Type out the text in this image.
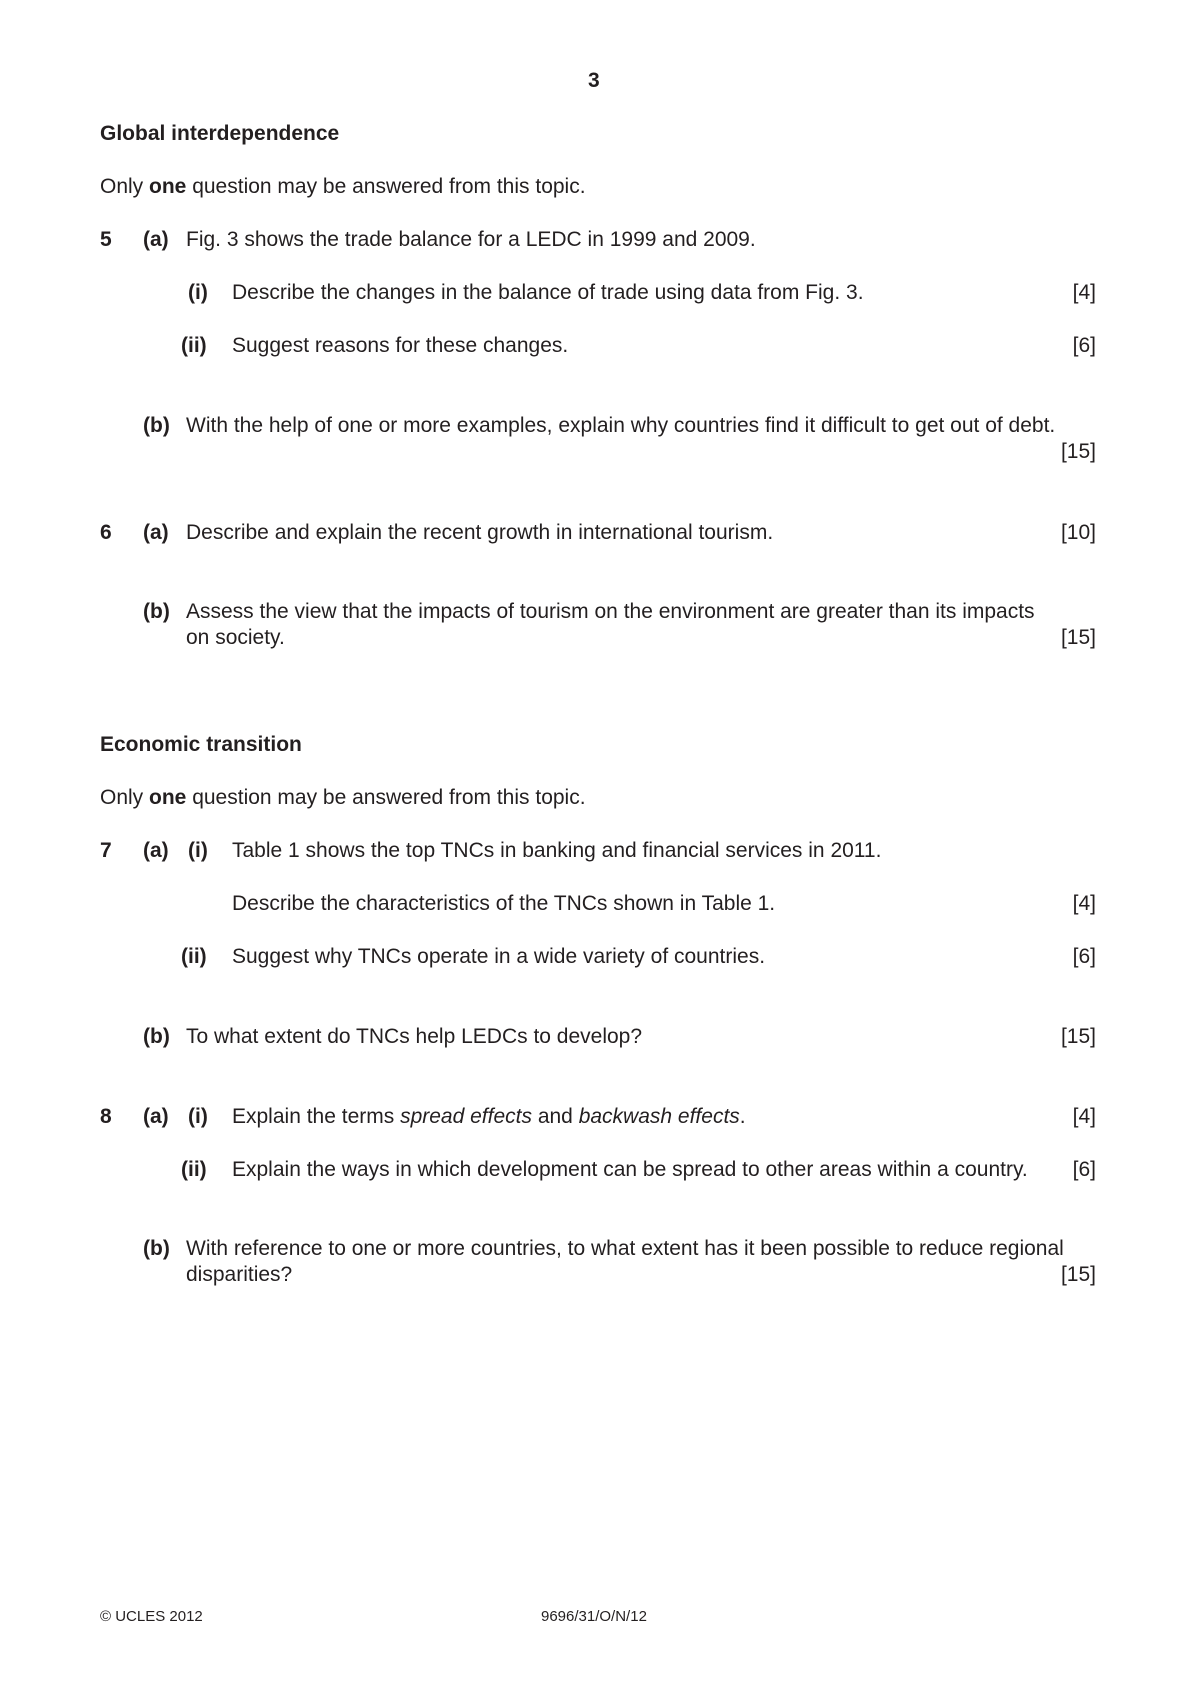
3
Global interdependence
Only one question may be answered from this topic.
5 (a) Fig. 3 shows the trade balance for a LEDC in 1999 and 2009.
(i) Describe the changes in the balance of trade using data from Fig. 3.	[4]
(ii) Suggest reasons for these changes.	[6]
(b) With the help of one or more examples, explain why countries find it difficult to get out of debt.
[15]
6 (a) Describe and explain the recent growth in international tourism.	[10]
(b) Assess the view that the impacts of tourism on the environment are greater than its impacts
on society.	[15]
Economic transition
Only one question may be answered from this topic.
7 (a) (i) Table 1 shows the top TNCs in banking and financial services in 2011.
Describe the characteristics of the TNCs shown in Table 1.	[4]
(ii) Suggest why TNCs operate in a wide variety of countries.	[6]
(b) To what extent do TNCs help LEDCs to develop?	[15]
8 (a) (i) Explain the terms spread effects and backwash effects.	[4]
(ii) Explain the ways in which development can be spread to other areas within a country. [6]
(b) With reference to one or more countries, to what extent has it been possible to reduce regional
disparities?	[15]
© UCLES 2012	9696/31/O/N/12
